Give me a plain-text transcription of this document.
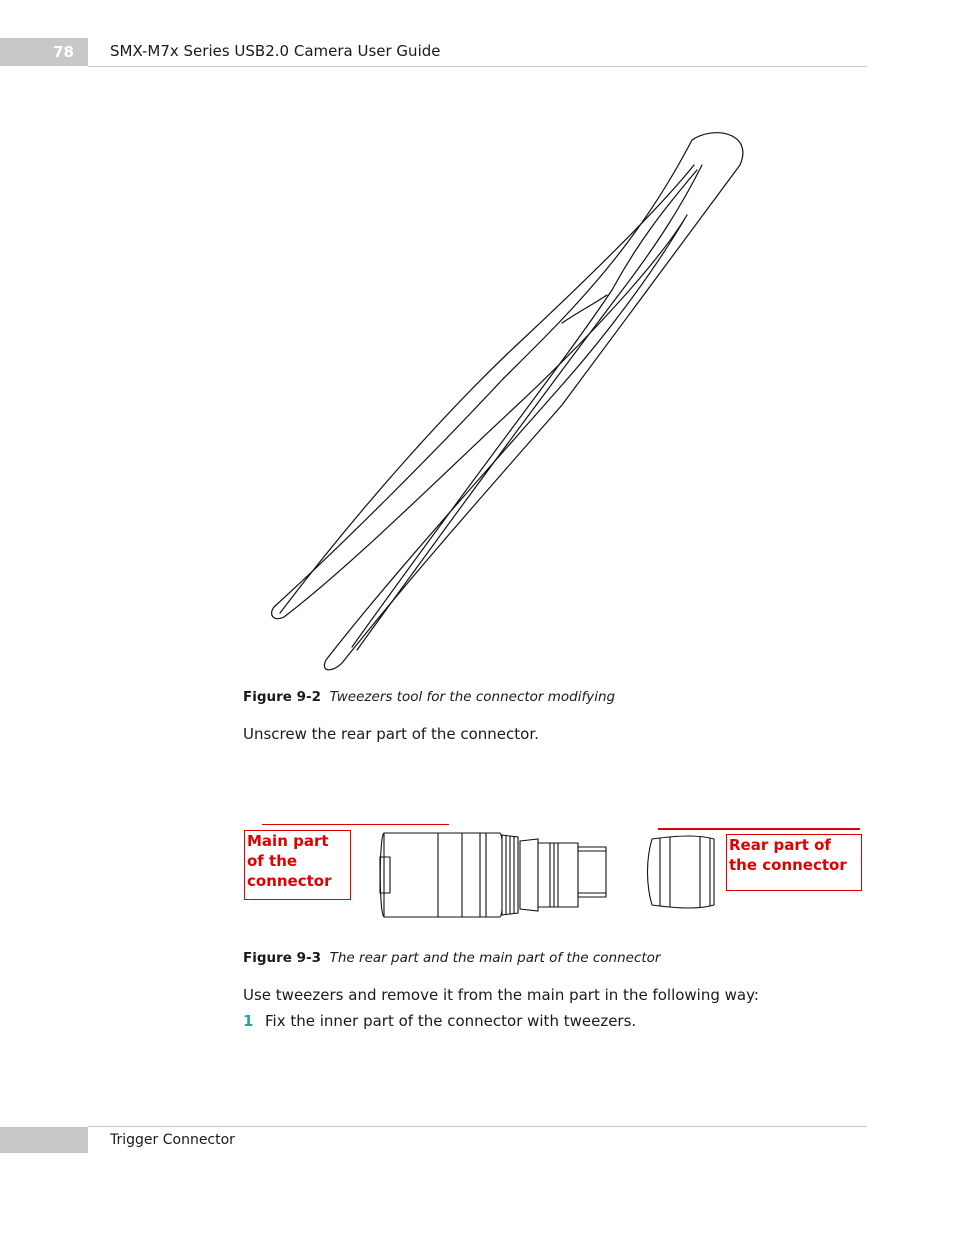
78	SMX-M7x Series USB2.0 Camera User Guide
Figure 9-2 Tweezers tool for the connector modifying
Unscrew the rear part of the connector.
Main part of the connector
Rear part of the connector
Figure 9-3 The rear part and the main part of the connector
Use tweezers and remove it from the main part in the following way:
1 Fix the inner part of the connector with tweezers.
Trigger Connector
